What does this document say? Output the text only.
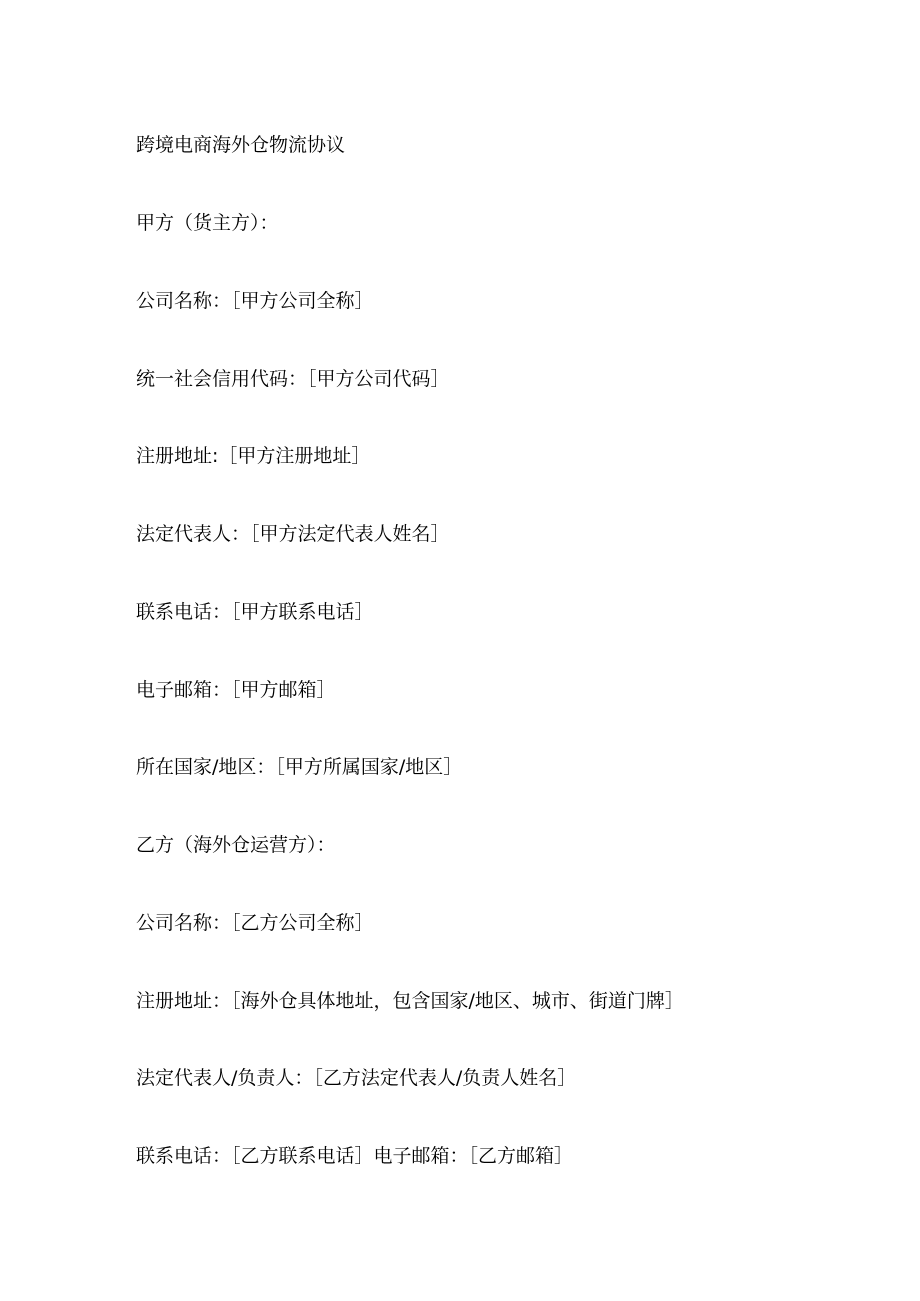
跨境电商海外仓物流协议
甲方（货主方）：
公司名称：［甲方公司全称］
统一社会信用代码：［甲方公司代码］
注册地址:［甲方注册地址］
法定代表人：［甲方法定代表人姓名］
联系电话：［甲方联系电话］
电子邮箱：［甲方邮箱］
所在国家/地区：［甲方所属国家/地区］
乙方（海外仓运营方）：
公司名称：［乙方公司全称］
注册地址：［海外仓具体地址，包含国家/地区、城市、街道门牌］
法定代表人/负责人：［乙方法定代表人/负责人姓名］
联系电话：［乙方联系电话］电子邮箱：［乙方邮箱］
